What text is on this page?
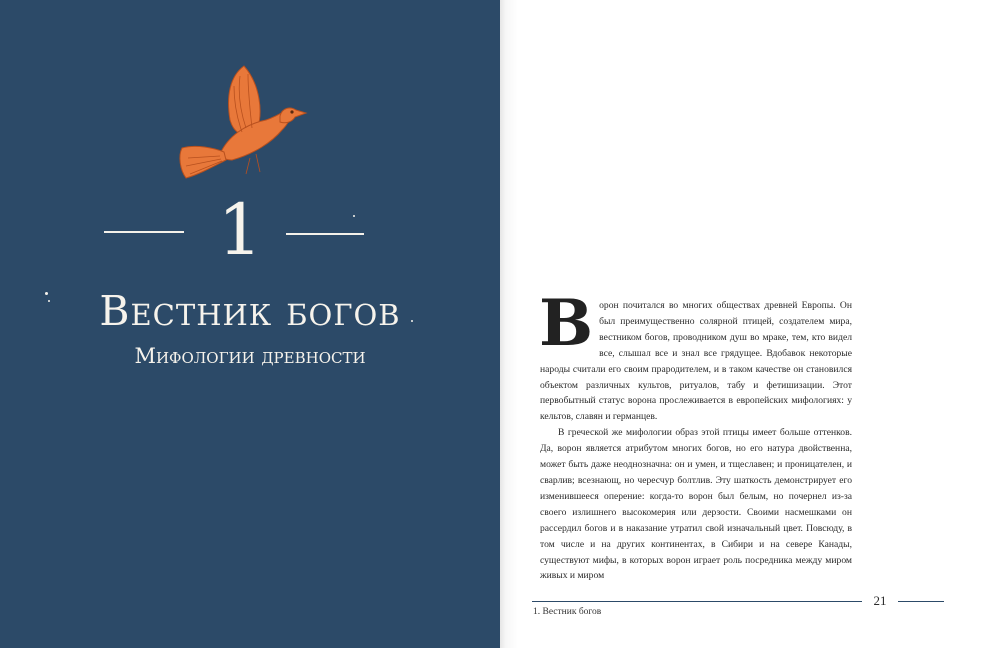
1
Вестник богов
Мифологии древности	Ворон почитался во многих обществах древней Европы. Он был преимущественно солярной птицей, создателем мира, вестником богов, проводником душ во мраке, тем, кто видел все, слышал все и знал все грядущее. Вдобавок некоторые народы считали его своим прародителем, и в таком качестве он становился объектом различных культов, ритуалов, табу и фетишизации. Этот первобытный статус ворона прослеживается в европейских мифологиях: у кельтов, славян и германцев.

В греческой же мифологии образ этой птицы имеет больше оттенков. Да, ворон является атрибутом многих богов, но его натура двойственна, может быть даже неоднозначна: он и умен, и тщеславен; и проницателен, и сварлив; всезнающ, но чересчур болтлив. Эту шаткость демонстрирует его изменившееся оперение: когда-то ворон был белым, но почернел из-за своего излишнего высокомерия или дерзости. Своими насмешками он рассердил богов и в наказание утратил свой изначальный цвет. Повсюду, в том числе и на других континентах, в Сибири и на севере Канады, существуют мифы, в которых ворон играет роль посредника между миром живых и миром

21
1. Вестник богов
